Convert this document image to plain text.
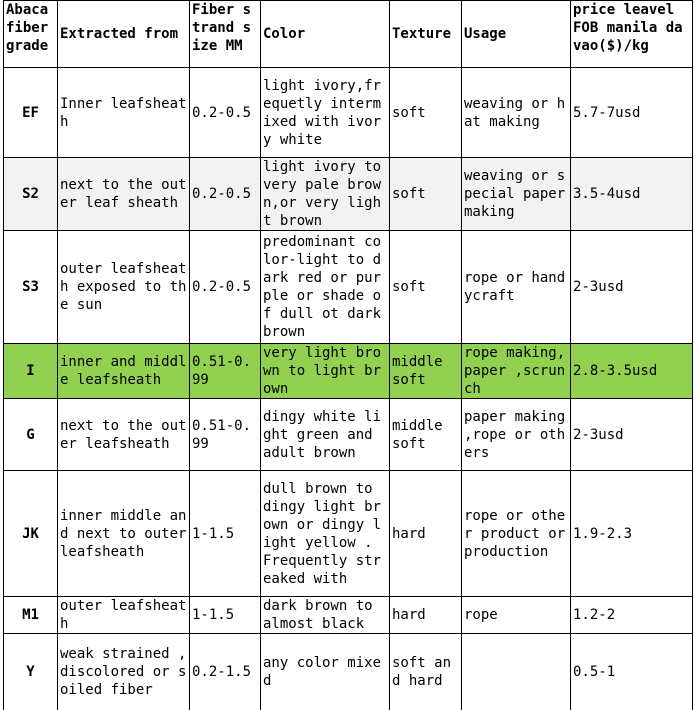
Abaca fiber grade	Extracted from	Fiber strand size MM	Color	Texture	Usage	price leavel FOB manila davao($)/kg
EF	Inner leafsheath	0.2-0.5	light ivory,frequetly intermixed with ivory white	soft	weaving or hat making	5.7-7usd
S2	next to the outer leaf sheath	0.2-0.5	light ivory to very pale brown,or very light brown	soft	weaving or special paper making	3.5-4usd
S3	outer leafsheath exposed to the sun	0.2-0.5	predominant color-light to dark red or purple or shade of dull ot dark brown	soft	rope or handycraft	2-3usd
I	inner and middle leafsheath	0.51-0.99	very light brown to light brown	middle soft	rope making,paper ,scrunch	2.8-3.5usd
G	next to the outer leafsheath	0.51-0.99	dingy white light green and adult brown	middle soft	paper making ,rope or others	2-3usd
JK	inner middle and next to outer leafsheath	1-1.5	dull brown to dingy light brown or dingy light yellow . Frequently streaked with	hard	rope or other product or production	1.9-2.3
M1	outer leafsheath	1-1.5	dark brown to almost black	hard	rope	1.2-2
Y	weak strained ,discolored or soiled fiber	0.2-1.5	any color mixed	soft and hard		0.5-1
